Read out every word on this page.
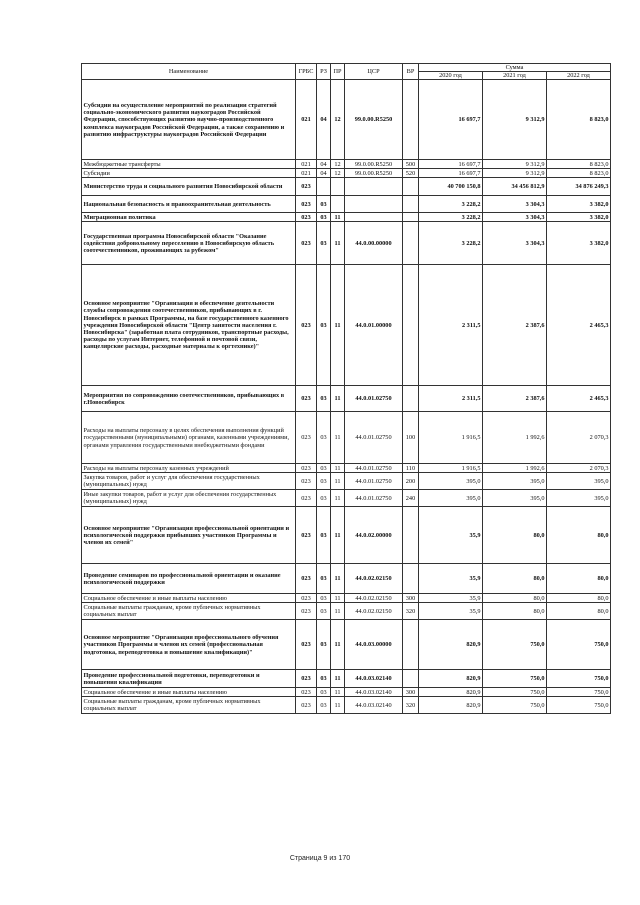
Наименование	ГРБС	РЗ	ПР	ЦСР	ВР	Сумма		
						2020 год	2021 год	2022 год
Субсидии на осуществление мероприятий по реализации стратегий социально-экономического развития наукоградов Российской Федерации, способствующих развитию научно-производственного комплекса наукоградов Российской Федерации, а также сохранению и развитию инфраструктуры наукоградов Российской Федерации	021	04	12	99.0.00.R5250		16 697,7	9 312,9	8 823,0
Межбюджетные трансферты	021	04	12	99.0.00.R5250	500	16 697,7	9 312,9	8 823,0
Субсидии	021	04	12	99.0.00.R5250	520	16 697,7	9 312,9	8 823,0
Министерство труда и социального развития Новосибирской области	023					40 700 150,8	34 456 812,9	34 876 249,3
Национальная безопасность и правоохранительная деятельность	023	03				3 228,2	3 304,3	3 382,0
Миграционная политика	023	03	11			3 228,2	3 304,3	3 382,0
Государственная программа Новосибирской области "Оказание содействия добровольному переселению в Новосибирскую область соотечественников, проживающих за рубежом"	023	03	11	44.0.00.00000		3 228,2	3 304,3	3 382,0
Основное мероприятие "Организация и обеспечение деятельности службы сопровождения соотечественников, прибывающих в г. Новосибирск в рамках Программы, на базе государственного казенного учреждения Новосибирской области "Центр занятости населения г. Новосибирска" (заработная плата сотрудников, транспортные расходы, расходы по услугам Интернет, телефонной и почтовой связи, канцелярские расходы, расходные материалы к оргтехнике)"	023	03	11	44.0.01.00000		2 311,5	2 387,6	2 465,3
Мероприятия по сопровождению соотечественников, прибывающих в г.Новосибирск	023	03	11	44.0.01.02750		2 311,5	2 387,6	2 465,3
Расходы на выплаты персоналу в целях обеспечения выполнения функций государственными (муниципальными) органами, казенными учреждениями, органами управления государственными внебюджетными фондами	023	03	11	44.0.01.02750	100	1 916,5	1 992,6	2 070,3
Расходы на выплаты персоналу казенных учреждений	023	03	11	44.0.01.02750	110	1 916,5	1 992,6	2 070,3
Закупка товаров, работ и услуг для обеспечения государственных (муниципальных) нужд	023	03	11	44.0.01.02750	200	395,0	395,0	395,0
Иные закупки товаров, работ и услуг для обеспечения государственных (муниципальных) нужд	023	03	11	44.0.01.02750	240	395,0	395,0	395,0
Основное мероприятие "Организация профессиональной ориентации и психологической поддержки прибывших участников Программы и членов их семей"	023	03	11	44.0.02.00000		35,9	80,0	80,0
Проведение семинаров по профессиональной ориентации и оказание психологической поддержки	023	03	11	44.0.02.02150		35,9	80,0	80,0
Социальное обеспечение и иные выплаты населению	023	03	11	44.0.02.02150	300	35,9	80,0	80,0
Социальные выплаты гражданам, кроме публичных нормативных социальных выплат	023	03	11	44.0.02.02150	320	35,9	80,0	80,0
Основное мероприятие "Организация профессионального обучения участников Программы и членов их семей (профессиональная подготовка, переподготовка и повышение квалификации)"	023	03	11	44.0.03.00000		820,9	750,0	750,0
Проведение профессиональной подготовки, переподготовки и повышения квалификации	023	03	11	44.0.03.02140		820,9	750,0	750,0
Социальное обеспечение и иные выплаты населению	023	03	11	44.0.03.02140	300	820,9	750,0	750,0
Социальные выплаты гражданам, кроме публичных нормативных социальных выплат	023	03	11	44.0.03.02140	320	820,9	750,0	750,0
Страница 9 из 170
